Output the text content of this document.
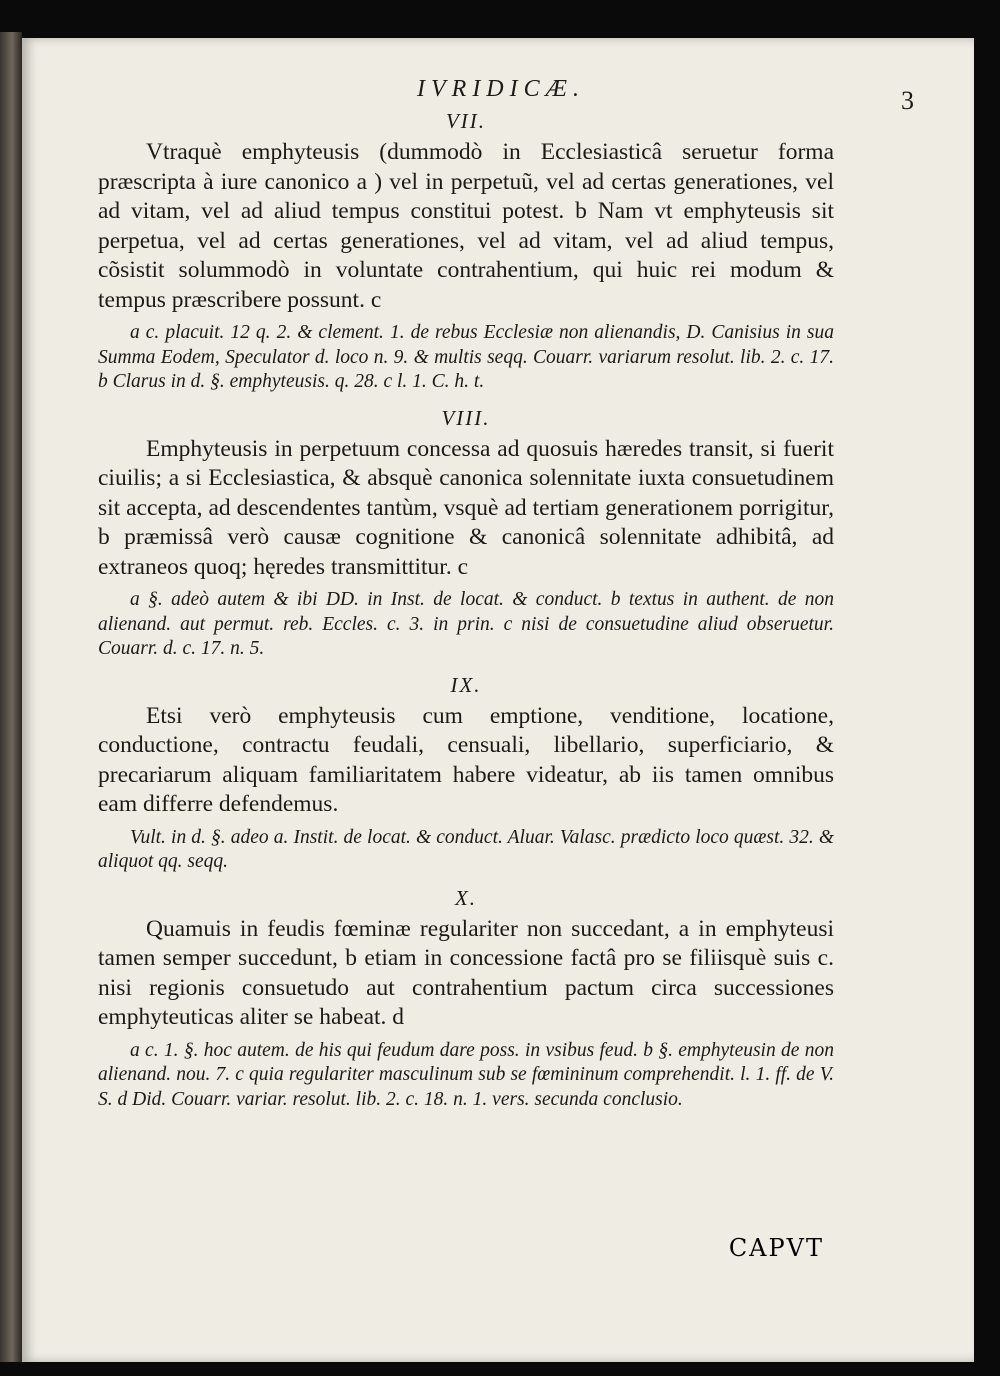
3
IVRIDICÆ.
VII.

Vtraquè emphyteusis (dummodò in Ecclesiasticâ seruetur forma præscripta à iure canonico a ) vel in perpetuũ, vel ad certas generationes, vel ad vitam, vel ad aliud tempus constitui potest. b Nam vt emphyteusis sit perpetua, vel ad certas generationes, vel ad vitam, vel ad aliud tempus, cõsistit solummodò in voluntate contrahentium, qui huic rei modum & tempus præscribere possunt. c

a c. placuit. 12 q. 2. & clement. 1. de rebus Ecclesiæ non alienandis, D. Canisius in sua Summa Eodem, Speculator d. loco n. 9. & multis seqq. Couarr. variarum resolut. lib. 2. c. 17. b Clarus in d. §. emphyteusis. q. 28. c l. 1. C. h. t.

VIII.

Emphyteusis in perpetuum concessa ad quosuis hæredes transit, si fuerit ciuilis; a si Ecclesiastica, & absquè canonica solennitate iuxta consuetudinem sit accepta, ad descendentes tantùm, vsquè ad tertiam generationem porrigitur, b præmissâ verò causæ cognitione & canonicâ solennitate adhibitâ, ad extraneos quoq; hęredes transmittitur. c

a §. adeò autem & ibi DD. in Inst. de locat. & conduct. b textus in authent. de non alienand. aut permut. reb. Eccles. c. 3. in prin. c nisi de consuetudine aliud obseruetur. Couarr. d. c. 17. n. 5.

IX.

Etsi verò emphyteusis cum emptione, venditione, locatione, conductione, contractu feudali, censuali, libellario, superficiario, & precariarum aliquam familiaritatem habere videatur, ab iis tamen omnibus eam differre defendemus.

Vult. in d. §. adeo a. Instit. de locat. & conduct. Aluar. Valasc. prædicto loco quæst. 32. & aliquot qq. seqq.

X.

Quamuis in feudis fœminæ regulariter non succedant, a in emphyteusi tamen semper succedunt, b etiam in concessione factâ pro se filiisquè suis c. nisi regionis consuetudo aut contrahentium pactum circa successiones emphyteuticas aliter se habeat. d

a c. 1. §. hoc autem. de his qui feudum dare poss. in vsibus feud. b §. emphyteusin de non alienand. nou. 7. c quia regulariter masculinum sub se fœmininum comprehendit. l. 1. ff. de V. S. d Did. Couarr. variar. resolut. lib. 2. c. 18. n. 1. vers. secunda conclusio.

CAPVT
